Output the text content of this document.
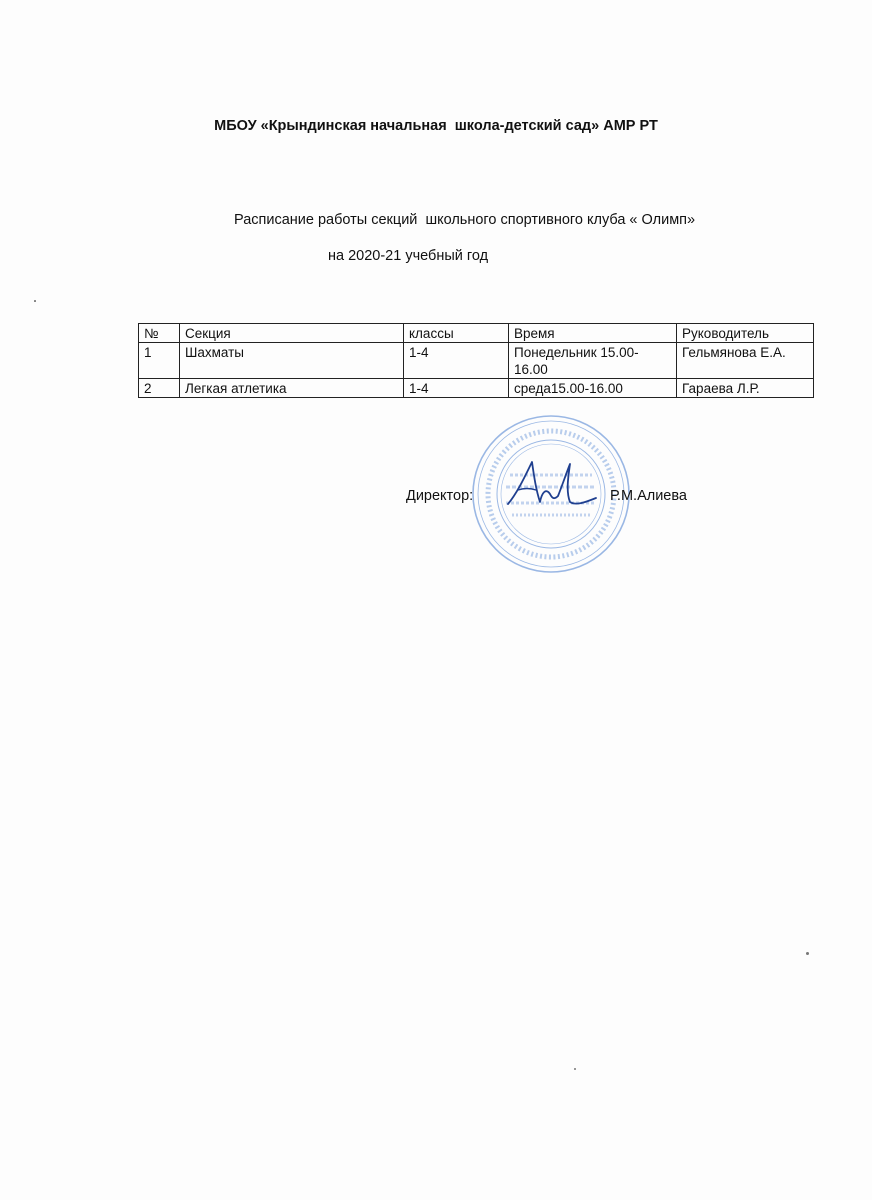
МБОУ «Крындинская начальная  школа-детский сад» АМР РТ
Расписание работы секций  школьного спортивного клуба « Олимп»
на 2020-21 учебный год
№	Секция	классы	Время	Руководитель
1	Шахматы	1-4	Понедельник 15.00-16.00	Гельмянова Е.А.
2	Легкая атлетика	1-4	среда15.00-16.00	Гараева Л.Р.
Директор:	Р.М.Алиева
